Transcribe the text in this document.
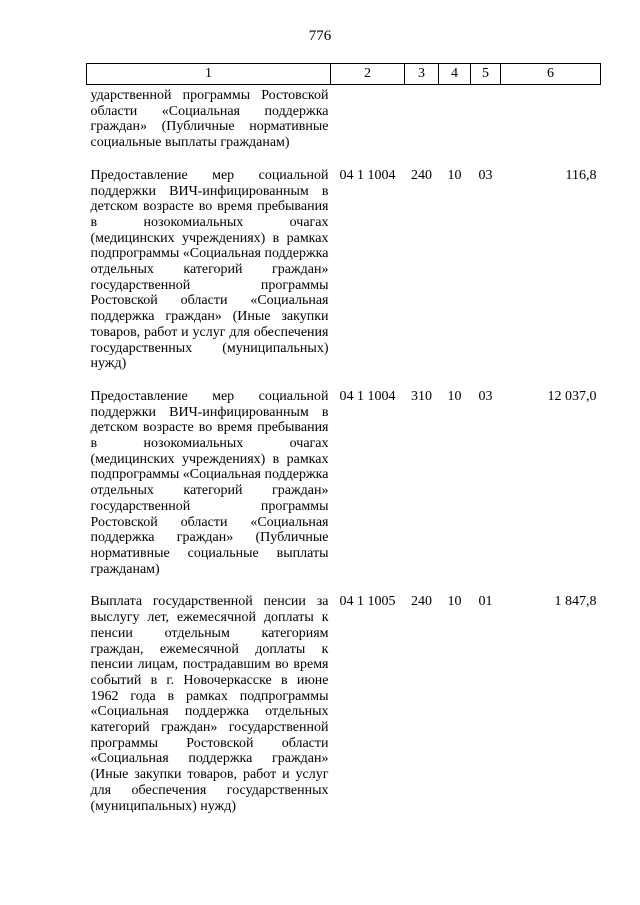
776
1	2	3	4	5	6
ударственной программы Ростовской области «Социальная поддержка граждан» (Публичные нормативные социальные выплаты гражданам)					
Предоставление мер социальной поддержки ВИЧ-инфицированным в детском возрасте во время пребывания в нозокомиальных очагах (медицинских учреждениях) в рамках подпрограммы «Социальная поддержка отдельных категорий граждан» государственной программы Ростовской области «Социальная поддержка граждан» (Иные закупки товаров, работ и услуг для обеспечения государственных (муниципальных) нужд)	04 1 1004	240	10	03	116,8
Предоставление мер социальной поддержки ВИЧ-инфицированным в детском возрасте во время пребывания в нозокомиальных очагах (медицинских учреждениях) в рамках подпрограммы «Социальная поддержка отдельных категорий граждан» государственной программы Ростовской области «Социальная поддержка граждан» (Публичные нормативные социальные выплаты гражданам)	04 1 1004	310	10	03	12 037,0
Выплата государственной пенсии за выслугу лет, ежемесячной доплаты к пенсии отдельным категориям граждан, ежемесячной доплаты к пенсии лицам, пострадавшим во время событий в г. Новочеркасске в июне 1962 года в рамках подпрограммы «Социальная поддержка отдельных категорий граждан» государственной программы Ростовской области «Социальная поддержка граждан» (Иные закупки товаров, работ и услуг для обеспечения государственных (муниципальных) нужд)	04 1 1005	240	10	01	1 847,8
